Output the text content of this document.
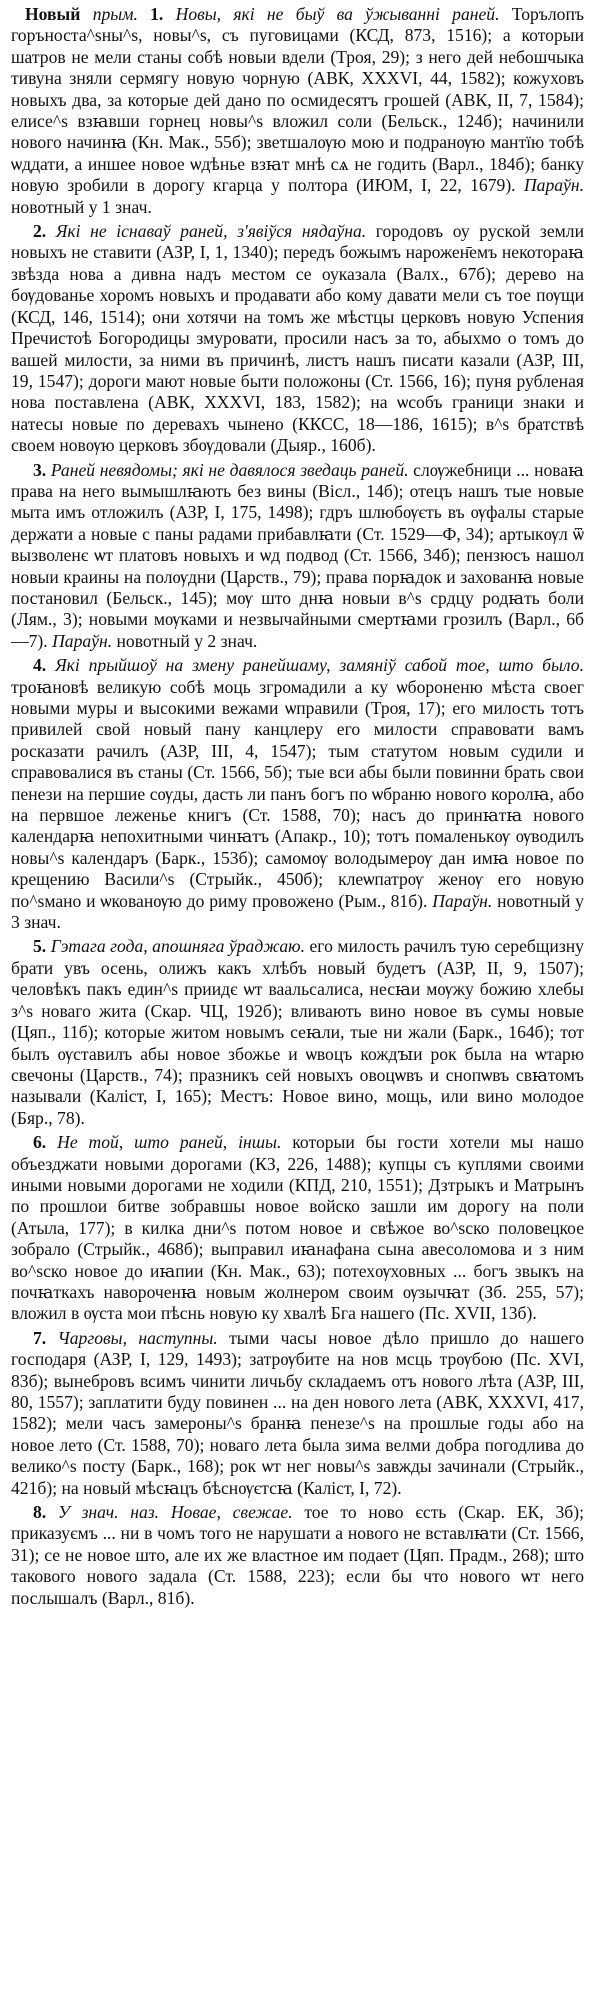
Новый прым. 1. Новы, які не быў ва ўжыванні раней. Торълопъ горъноста^sны^s, новы^s, съ пуговицами (КСД, 873, 1516); а которыи шатров не мели станы собѣ новыи вдели (Троя, 29); з него дей небошчыка тивуна зняли сермягу новую чорную (АВК, XXXVI, 44, 1582); кожуховъ новыхъ два, за которые дей дано по осмидесятъ грошей (АВК, II, 7, 1584); елисе^s взꙗвши горнец новы^s вложил соли (Бельск., 124б); начинили нового начинꙗ (Кн. Мак., 55б); зветшалѹю мою и подранѹю мантїю тобѣ ѡддати, а иншее новое ѡдѣнье взꙗт мнѣ сѧ не годить (Варл., 184б); банку новую зробили в дорогу кгарца у полтора (ИЮМ, I, 22, 1679). Параўн. новотный у 1 знач.

2. Які не існаваў раней, з'явіўся нядаўна. городовъ оу руской земли новыхъ не ставити (АЗР, I, 1, 1340); передъ божымъ нарожен̄емъ некотораꙗ звѣзда нова а дивна надъ местом се оуказала (Валх., 67б); дерево на бѹдованье хоромъ новыхъ и продавати або кому давати мели съ тое пѹщи (КСД, 146, 1514); они хотячи на томъ же мѣстцы церковъ новую Успения Пречистоѣ Богородицы змуровати, просили насъ за то, абыхмо о томъ до вашей милости, за ними въ причинѣ, листъ нашъ писати казали (АЗР, III, 19, 1547); дороги мают новые быти положоны (Ст. 1566, 16); пуня рубленая нова поставлена (АВК, XXXVI, 183, 1582); на ѡсобъ граници знаки и натесы новые по деревахъ чынено (ККСС, 18—186, 1615); в^s братствѣ своем новѹю церковъ збѹдовали (Дыяр., 160б).

3. Раней невядомы; які не давялося зведаць раней. слѹжебници ... новаꙗ права на него вымышлꙗють без вины (Вісл., 14б); отецъ нашъ тые новые мыта имъ отложилъ (АЗР, I, 175, 1498); гдръ шлюбѹєть въ ѹфалы старые держати а новые с паны радами прибавлꙗти (Ст. 1529—Ф, 34); артыкѹл ѿ вызволенє ѡт платовъ новыхъ и ѡд подвод (Ст. 1566, 34б); пензюсъ нашол новыи краины на полѹдни (Царств., 79); права порꙗдок и захованꙗ новые постановил (Бельск., 145); мѹ што днꙗ новыи в^s срдцу родꙗть боли (Лям., 3); новыми мѹками и незвычайными смертꙗми грозилъ (Варл., 6б—7). Параўн. новотный у 2 знач.

4. Які прыйшоў на змену ранейшаму, замяніў сабой тое, што было. троꙗновѣ великую собѣ моць згромадили а ку ѡбороненю мѣста своег новыми муры и высокими вежами ѡправили (Троя, 17); его милость тотъ привилей свой новый пану канцлеру его милости справовати вамъ росказати рачилъ (АЗР, III, 4, 1547); тым статутом новым судили и справовалися въ станы (Ст. 1566, 5б); тые вси абы были повинни брать свои пенези на першие сѹды, дасть ли панъ богъ по ѡбраню нового королꙗ, або на первшое леженье книгъ (Ст. 1588, 70); насъ до принꙗтꙗ нового календарꙗ непохитными чинꙗтъ (Апакр., 10); тотъ помаленькѹ ѹводилъ новы^s календаръ (Барк., 153б); самомѹ володымерѹ дан имꙗ новое по крещению Васили^s (Стрыйк., 450б); клеѡпатрѹ женѹ его новую по^sмано и ѡкованѹю до риму провожено (Рым., 81б). Параўн. новотный у 3 знач.

5. Гэтага года, апошняга ўраджаю. его милость рачилъ тую серебщизну брати увъ осень, олижъ какъ хлѣбъ новый будетъ (АЗР, II, 9, 1507); человѣкъ пакъ един^s приидє ѡт ваальсалиса, несꙗи мѹжу божию хлебы з^s новаго жита (Скар. ЧЦ, 192б); вливають вино новое въ сумы новые (Цяп., 11б); которые житом новымъ сеꙗли, тые ни жали (Барк., 164б); тот былъ ѹставилъ абы новое збожье и ѡвоцъ кождꙑи рок была на ѡтарю свечоны (Царств., 74); празникъ сей новыхъ овоцѡвъ и снопѡвъ свꙗтомъ называли (Каліст, I, 165); Местъ: Новое вино, мощь, или вино молодое (Бяр., 78).

6. Не той, што раней, іншы. которыи бы гости хотели мы нашо объезджати новыми дорогами (КЗ, 226, 1488); купцы съ куплями своими иными новыми дорогами не ходили (КПД, 210, 1551); Дзтрыкъ и Матрынъ по прошлои битве зобравшы новое войско зашли им дорогу на поли (Атыла, 177); в килка дни^s потом новое и свѣжое во^sско половецкое зобрало (Стрыйк., 468б); выправил иꙗнафана сына авесоломова и з ним во^sско новое до иꙗпии (Кн. Мак., 63); потехѹховных ... богъ звыкъ на почꙗткахъ навороченꙗ новым жолнером своим ѹзычꙗт (Зб. 255, 57); вложил в ѹста мои пѣснь новую ку хвалѣ Бга нашего (Пс. XVII, 13б).

7. Чарговы, наступны. тыми часы новое дѣло пришло до нашего господаря (АЗР, I, 129, 1493); затрѹбите на нов мсць трѹбою (Пс. XVI, 83б); вынебровъ всимъ чинити личьбу складаемъ отъ нового лѣта (АЗР, III, 80, 1557); заплатити буду повинен ... на ден нового лета (АВК, XXXVI, 417, 1582); мели часъ замероны^s бранꙗ пенезе^s на прошлые годы або на новое лето (Ст. 1588, 70); новаго лета была зима велми добра погодлива до велико^s посту (Барк., 168); рок ѡт нег новы^s завжды зачинали (Стрыйк., 421б); на новый мѣсꙗцъ бѣснѹєтсꙗ (Каліст, I, 72).

8. У знач. наз. Новае, свежае. тое то ново єсть (Скар. ЕК, 3б); приказуємъ ... ни в чомъ того не нарушати а нового не вставлꙗти (Ст. 1566, 31); се не новое што, але их же властное им подает (Цяп. Прадм., 268); што такового нового задала (Ст. 1588, 223); если бы что нового ѡт него послышалъ (Варл., 81б).
